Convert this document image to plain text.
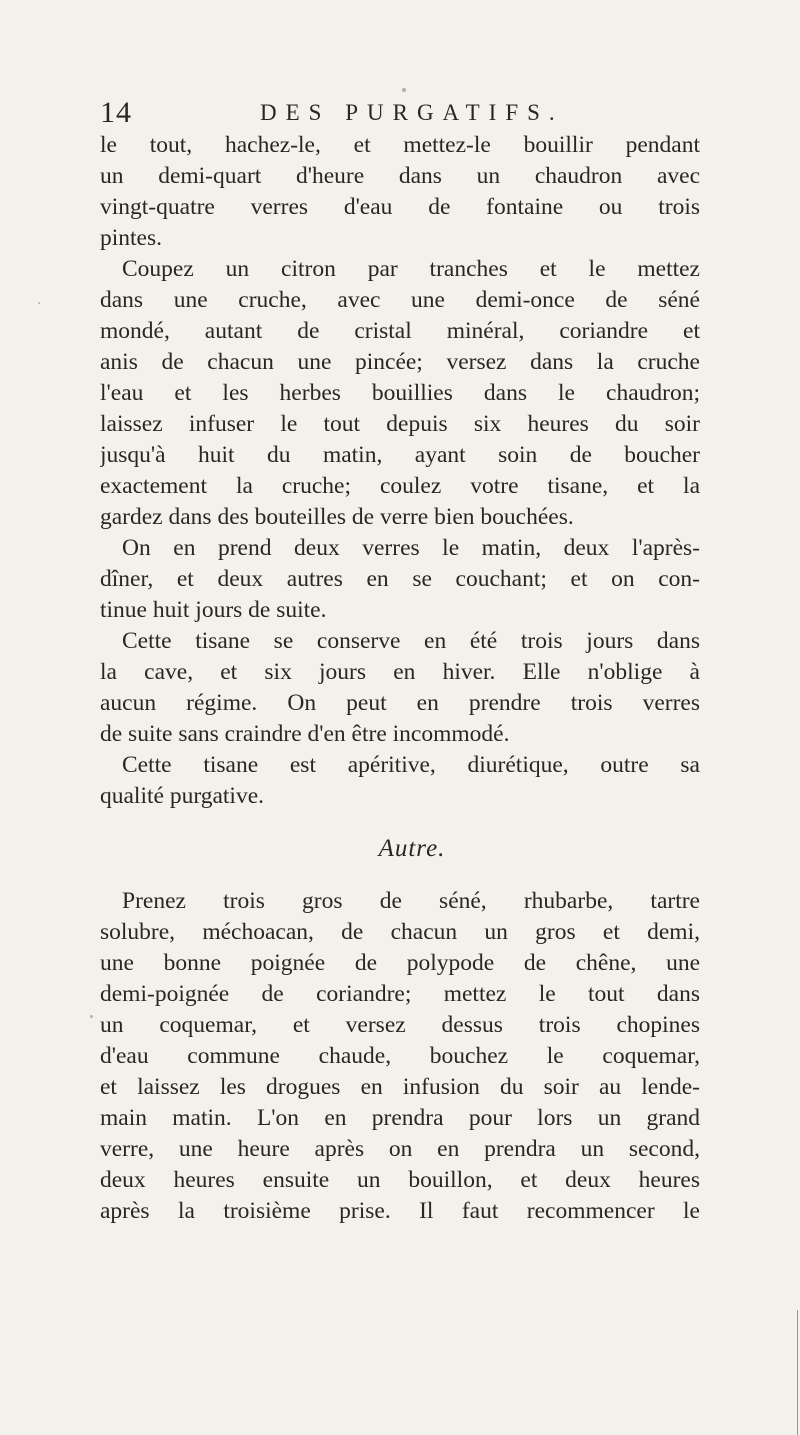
14	DES PURGATIFS.
le tout, hachez-le, et mettez-le bouillir pendant
un demi-quart d'heure dans un chaudron avec
vingt-quatre verres d'eau de fontaine ou trois
pintes.
Coupez un citron par tranches et le mettez
dans une cruche, avec une demi-once de séné
mondé, autant de cristal minéral, coriandre et
anis de chacun une pincée; versez dans la cruche
l'eau et les herbes bouillies dans le chaudron;
laissez infuser le tout depuis six heures du soir
jusqu'à huit du matin, ayant soin de boucher
exactement la cruche; coulez votre tisane, et la
gardez dans des bouteilles de verre bien bouchées.
On en prend deux verres le matin, deux l'après-
dîner, et deux autres en se couchant; et on con-
tinue huit jours de suite.
Cette tisane se conserve en été trois jours dans
la cave, et six jours en hiver. Elle n'oblige à
aucun régime. On peut en prendre trois verres
de suite sans craindre d'en être incommodé.
Cette tisane est apéritive, diurétique, outre sa
qualité purgative.
Autre.
Prenez trois gros de séné, rhubarbe, tartre
solubre, méchoacan, de chacun un gros et demi,
une bonne poignée de polypode de chêne, une
demi-poignée de coriandre; mettez le tout dans
un coquemar, et versez dessus trois chopines
d'eau commune chaude, bouchez le coquemar,
et laissez les drogues en infusion du soir au lende-
main matin. L'on en prendra pour lors un grand
verre, une heure après on en prendra un second,
deux heures ensuite un bouillon, et deux heures
après la troisième prise. Il faut recommencer le
